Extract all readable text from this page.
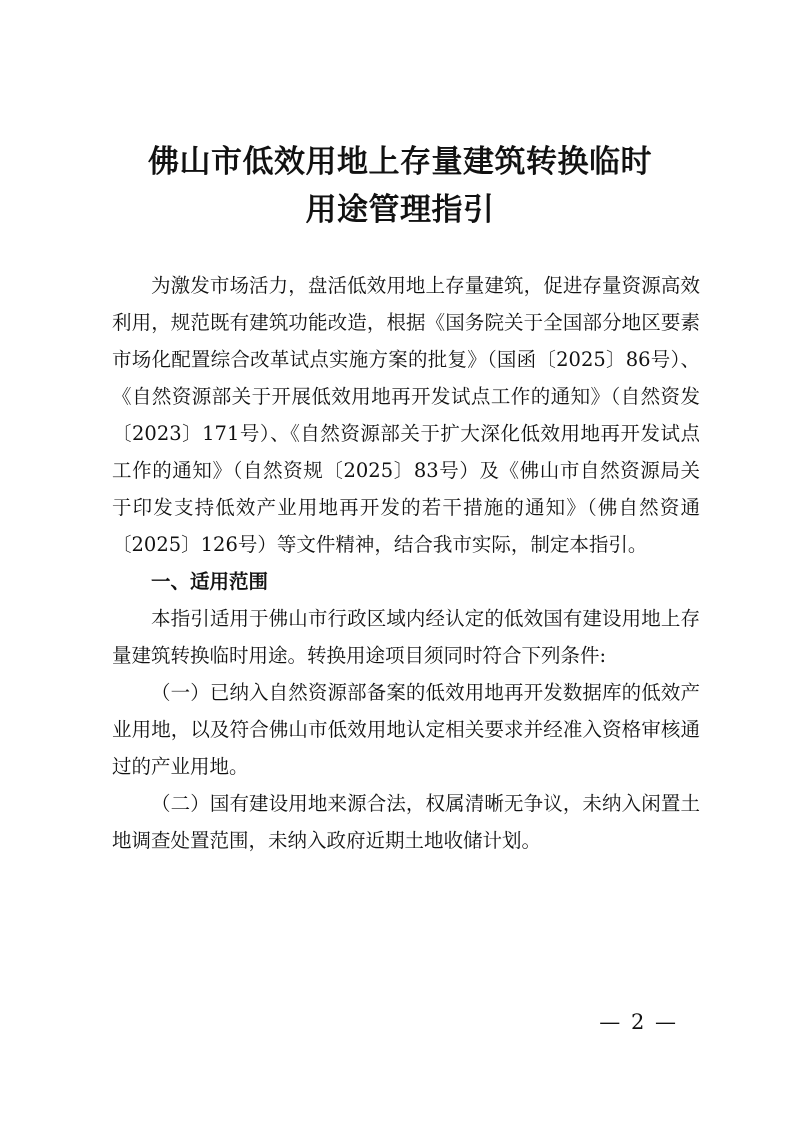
佛山市低效用地上存量建筑转换临时
用途管理指引

为激发市场活力，盘活低效用地上存量建筑，促进存量资源高效利用，规范既有建筑功能改造，根据《国务院关于全国部分地区要素市场化配置综合改革试点实施方案的批复》（国函〔2025〕86号）、《自然资源部关于开展低效用地再开发试点工作的通知》（自然资发〔2023〕171号）、《自然资源部关于扩大深化低效用地再开发试点工作的通知》（自然资规〔2025〕83号）及《佛山市自然资源局关于印发支持低效产业用地再开发的若干措施的通知》（佛自然资通〔2025〕126号）等文件精神，结合我市实际，制定本指引。

一、适用范围

本指引适用于佛山市行政区域内经认定的低效国有建设用地上存量建筑转换临时用途。转换用途项目须同时符合下列条件:

（一）已纳入自然资源部备案的低效用地再开发数据库的低效产业用地，以及符合佛山市低效用地认定相关要求并经准入资格审核通过的产业用地。

（二）国有建设用地来源合法，权属清晰无争议，未纳入闲置土地调查处置范围，未纳入政府近期土地收储计划。

— 2 —
